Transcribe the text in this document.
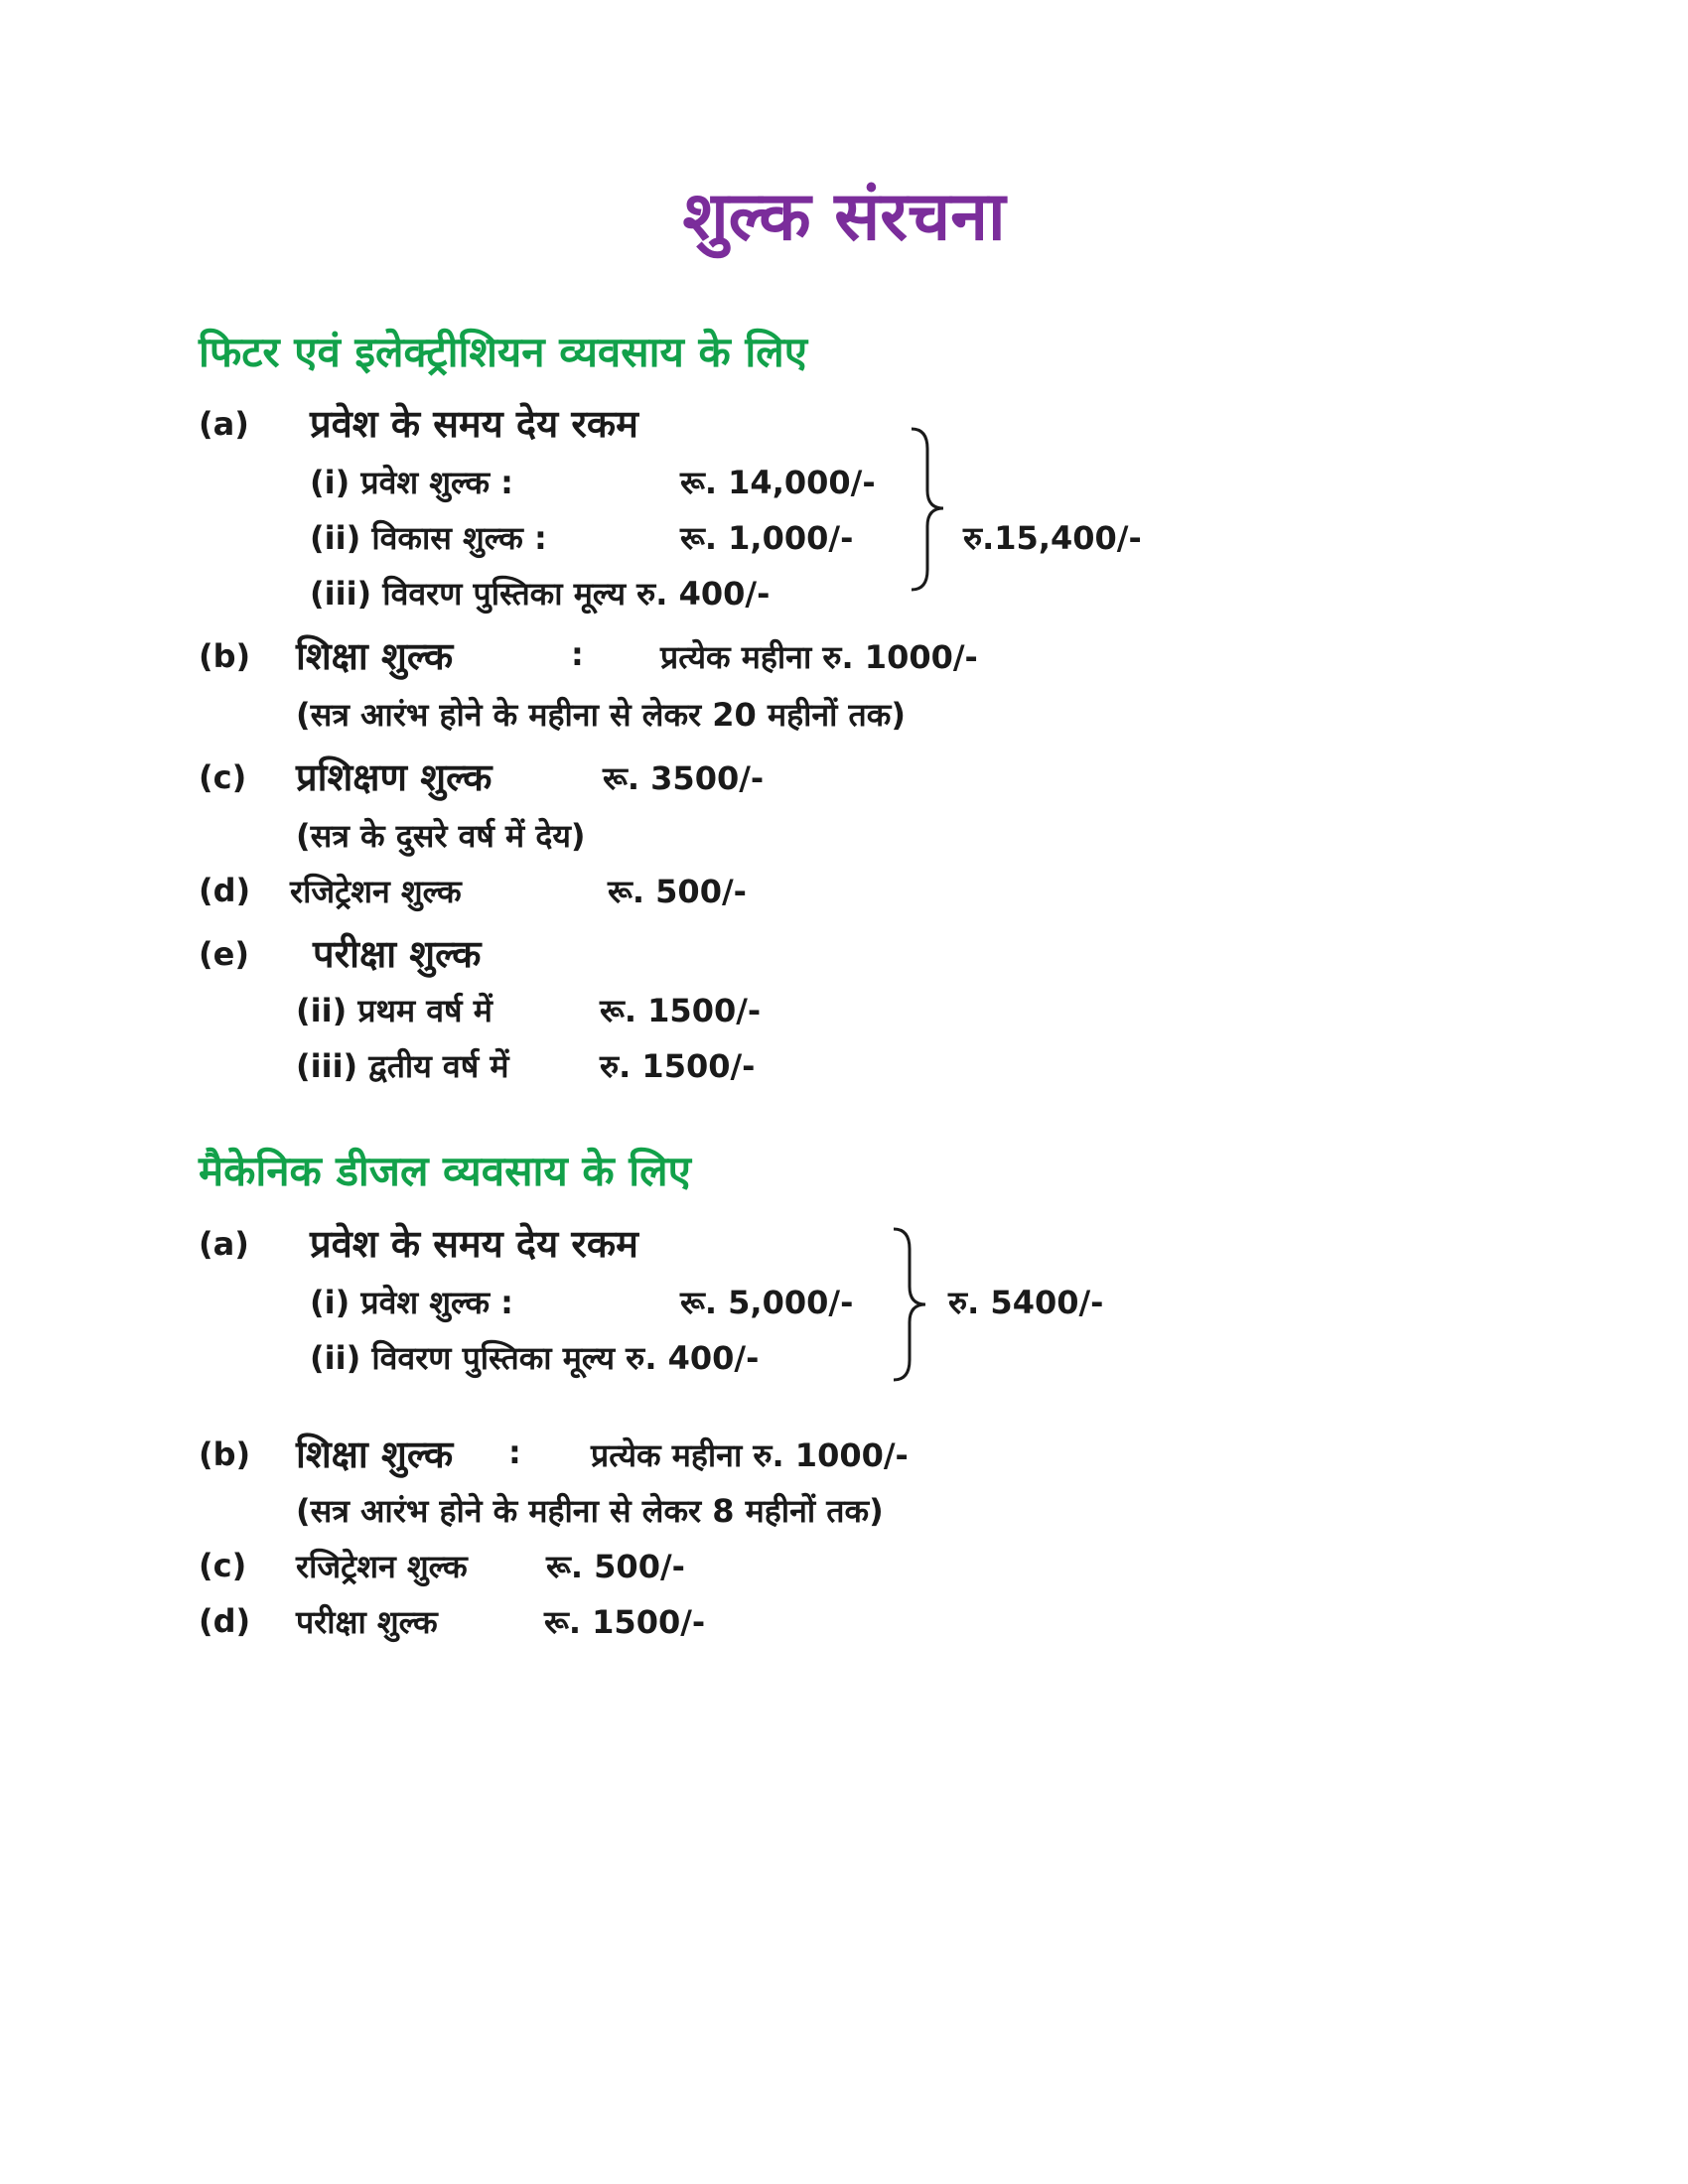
शुल्क संरचना
फिटर एवं इलेक्ट्रीशियन व्यवसाय के लिए
(a) प्रवेश के समय देय रकम
(i) प्रवेश शुल्क :	रू. 14,000/-
(ii) विकास शुल्क :	रू. 1,000/-
(iii) विवरण पुस्तिका मूल्य रु. 400/-
रु.15,400/-
(b) शिक्षा शुल्क	: प्रत्येक महीना रु. 1000/-
(सत्र आरंभ होने के महीना से लेकर 20 महीनों तक)
(c) प्रशिक्षण शुल्क	रू. 3500/-
(सत्र के दुसरे वर्ष में देय)
(d) रजिट्रेशन शुल्क	रू. 500/-
(e) परीक्षा शुल्क
(ii) प्रथम वर्ष में	रू. 1500/-
(iii) द्वतीय वर्ष में	रु. 1500/-
मैकेनिक डीजल व्यवसाय के लिए
(a) प्रवेश के समय देय रकम
(i) प्रवेश शुल्क :	रू. 5,000/-
(ii) विवरण पुस्तिका मूल्य रु. 400/-
रु. 5400/-
(b) शिक्षा शुल्क : प्रत्येक महीना रु. 1000/-
(सत्र आरंभ होने के महीना से लेकर 8 महीनों तक)
(c) रजिट्रेशन शुल्क रू. 500/-
(d) परीक्षा शुल्क	रू. 1500/-
